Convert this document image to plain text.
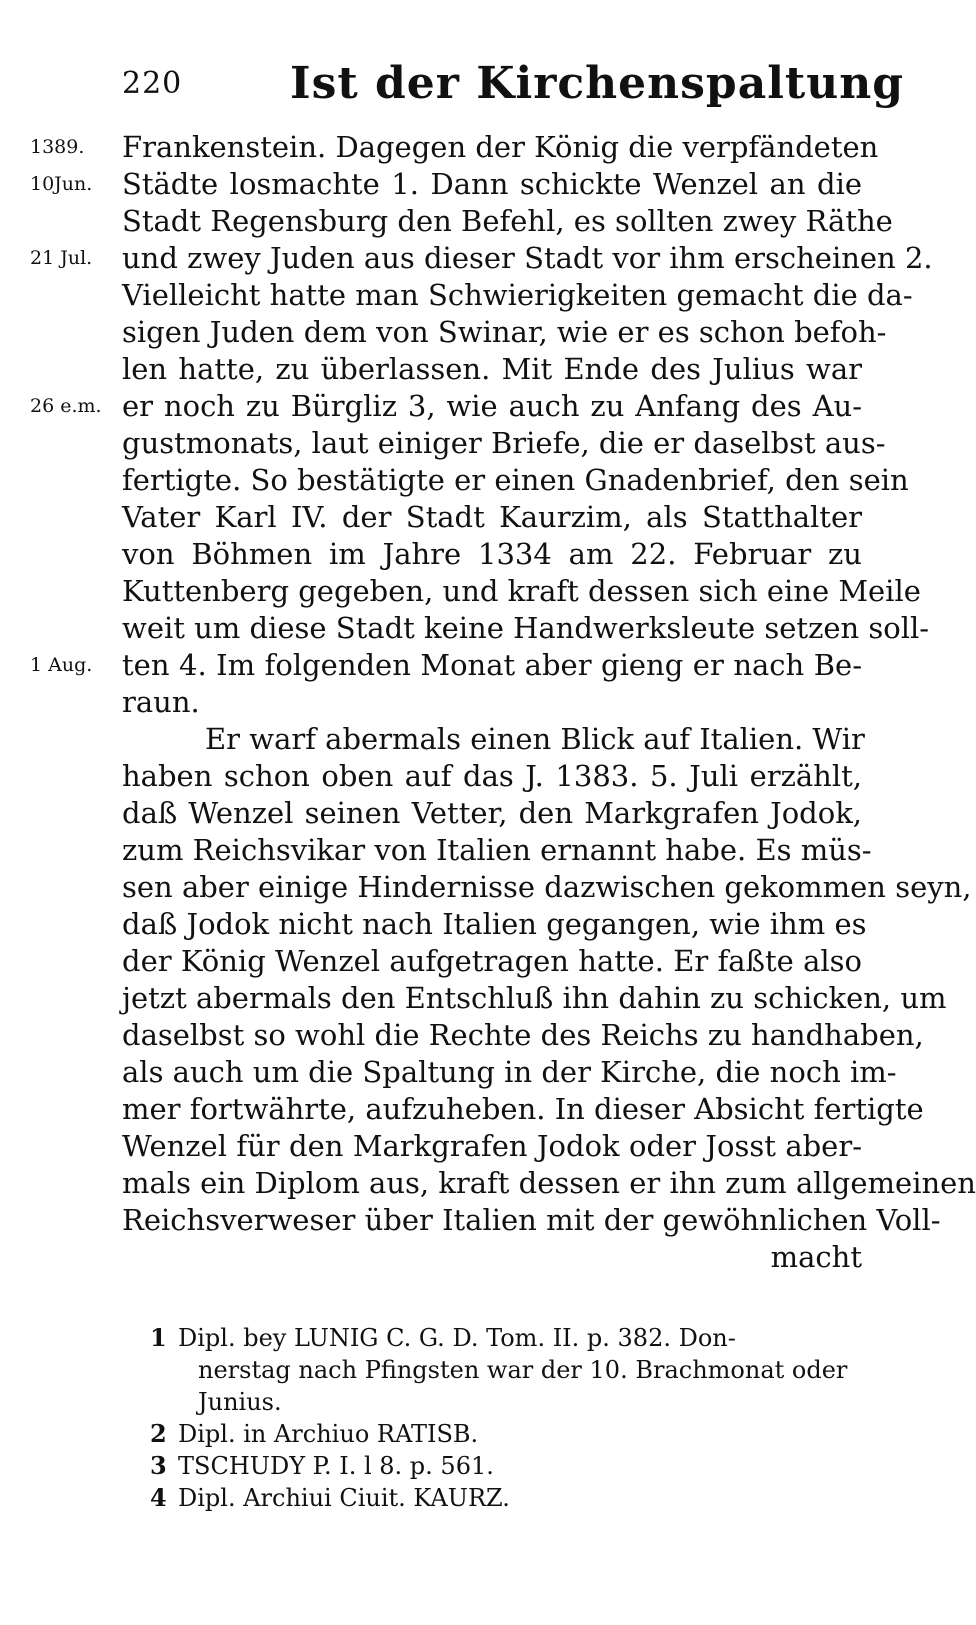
220 Ist der Kirchenspaltung
1389.	Frankenstein. Dagegen der König die verpfändeten
10Jun.	Städte losmachte 1. Dann schickte Wenzel an die
Stadt Regensburg den Befehl, es sollten zwey Räthe
21 Jul.	und zwey Juden aus dieser Stadt vor ihm erscheinen 2.
Vielleicht hatte man Schwierigkeiten gemacht die da-
sigen Juden dem von Swinar, wie er es schon befoh-
len hatte, zu überlassen. Mit Ende des Julius war
26 e.m. er noch zu Bürgliz 3, wie auch zu Anfang des Au-
gustmonats, laut einiger Briefe, die er daselbst aus-
fertigte. So bestätigte er einen Gnadenbrief, den sein
Vater Karl IV. der Stadt Kaurzim, als Statthalter
von Böhmen im Jahre 1334 am 22. Februar zu
Kuttenberg gegeben, und kraft dessen sich eine Meile
weit um diese Stadt keine Handwerksleute setzen soll-
1 Aug.	ten 4. Im folgenden Monat aber gieng er nach Be-
raun.
Er warf abermals einen Blick auf Italien. Wir
haben schon oben auf das J. 1383. 5. Juli erzählt,
daß Wenzel seinen Vetter, den Markgrafen Jodok,
zum Reichsvikar von Italien ernannt habe. Es müs-
sen aber einige Hindernisse dazwischen gekommen seyn,
daß Jodok nicht nach Italien gegangen, wie ihm es
der König Wenzel aufgetragen hatte. Er faßte also
jetzt abermals den Entschluß ihn dahin zu schicken, um
daselbst so wohl die Rechte des Reichs zu handhaben,
als auch um die Spaltung in der Kirche, die noch im-
mer fortwährte, aufzuheben. In dieser Absicht fertigte
Wenzel für den Markgrafen Jodok oder Josst aber-
mals ein Diplom aus, kraft dessen er ihn zum allgemeinen
Reichsverweser über Italien mit der gewöhnlichen Voll-
macht
1 Dipl. bey LUNIG C. G. D. Tom. II. p. 382. Don-
nerstag nach Pfingsten war der 10. Brachmonat oder
Junius.
2 Dipl. in Archiuo RATISB.
3 TSCHUDY P. I. l 8. p. 561.
4 Dipl. Archiui Ciuit. KAURZ.
